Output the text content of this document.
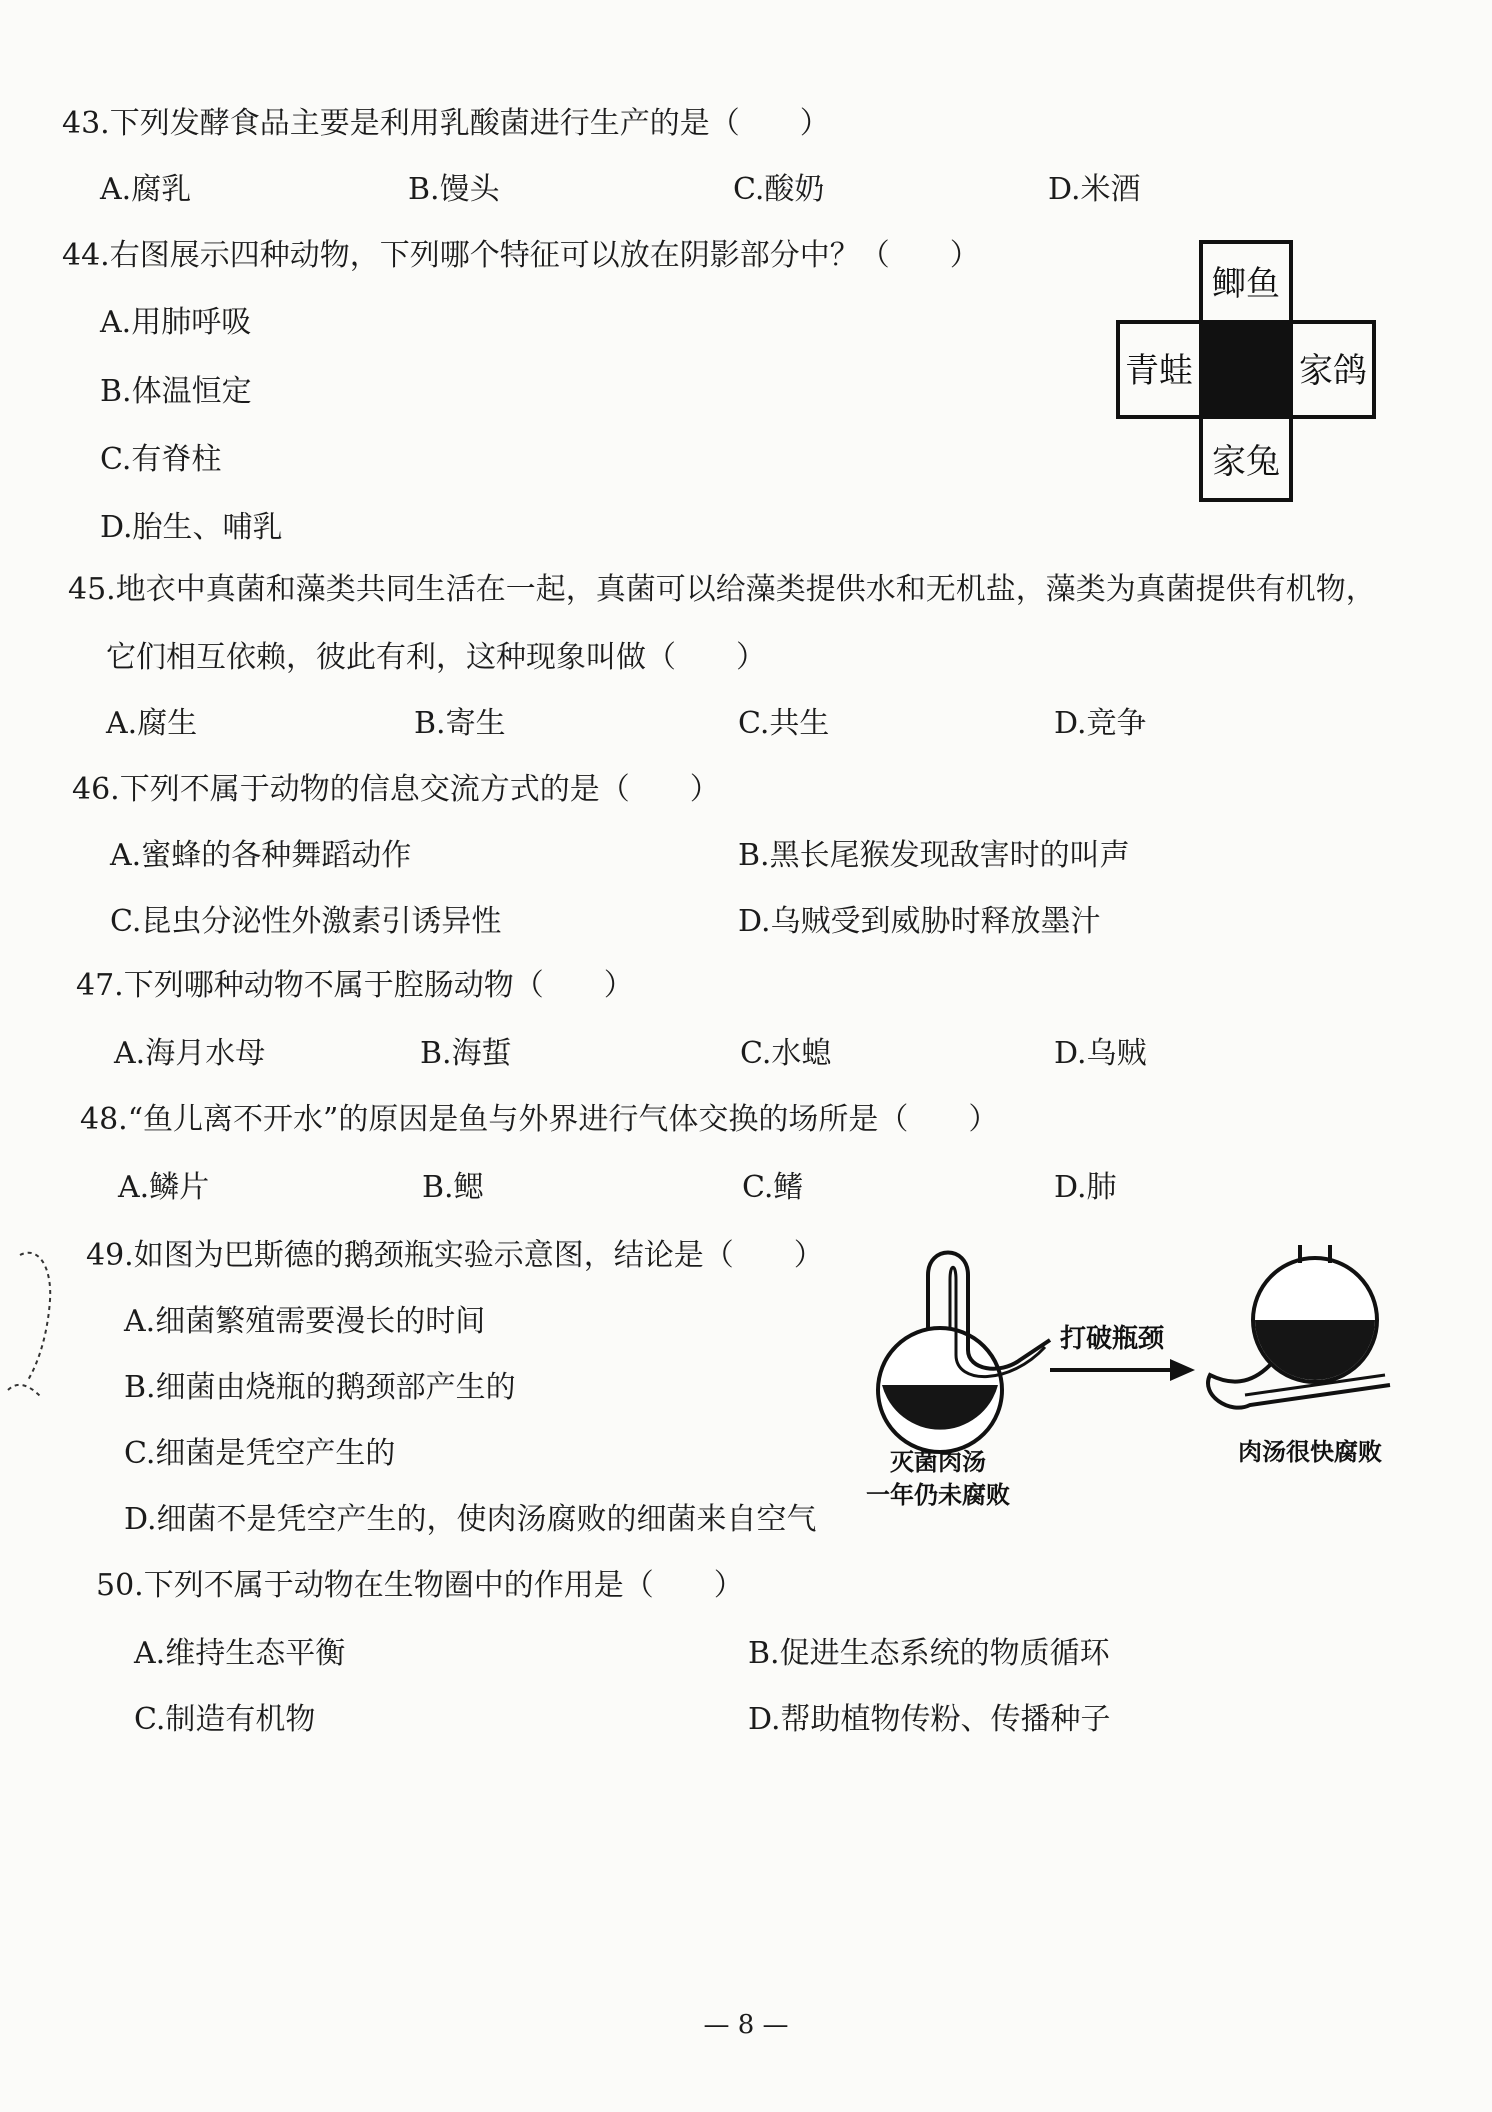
43.下列发酵食品主要是利用乳酸菌进行生产的是（　　）
A.腐乳	B.馒头	C.酸奶	D.米酒
44.右图展示四种动物，下列哪个特征可以放在阴影部分中？（　　）
A.用肺呼吸
B.体温恒定
C.有脊柱
D.胎生、哺乳
鲫鱼
青蛙	家鸽
家兔
45.地衣中真菌和藻类共同生活在一起，真菌可以给藻类提供水和无机盐，藻类为真菌提供有机物，
它们相互依赖，彼此有利，这种现象叫做（　　）
A.腐生	B.寄生	C.共生	D.竞争
46.下列不属于动物的信息交流方式的是（　　）
A.蜜蜂的各种舞蹈动作	B.黑长尾猴发现敌害时的叫声
C.昆虫分泌性外激素引诱异性	D.乌贼受到威胁时释放墨汁
47.下列哪种动物不属于腔肠动物（　　）
A.海月水母	B.海蜇	C.水螅	D.乌贼
48.“鱼儿离不开水”的原因是鱼与外界进行气体交换的场所是（　　）
A.鳞片	B.鳃	C.鳍	D.肺
49.如图为巴斯德的鹅颈瓶实验示意图，结论是（　　）
A.细菌繁殖需要漫长的时间
B.细菌由烧瓶的鹅颈部产生的
C.细菌是凭空产生的
D.细菌不是凭空产生的，使肉汤腐败的细菌来自空气
打破瓶颈
灭菌肉汤
一年仍未腐败
肉汤很快腐败
50.下列不属于动物在生物圈中的作用是（　　）
A.维持生态平衡	B.促进生态系统的物质循环
C.制造有机物	D.帮助植物传粉、传播种子
— 8 —
